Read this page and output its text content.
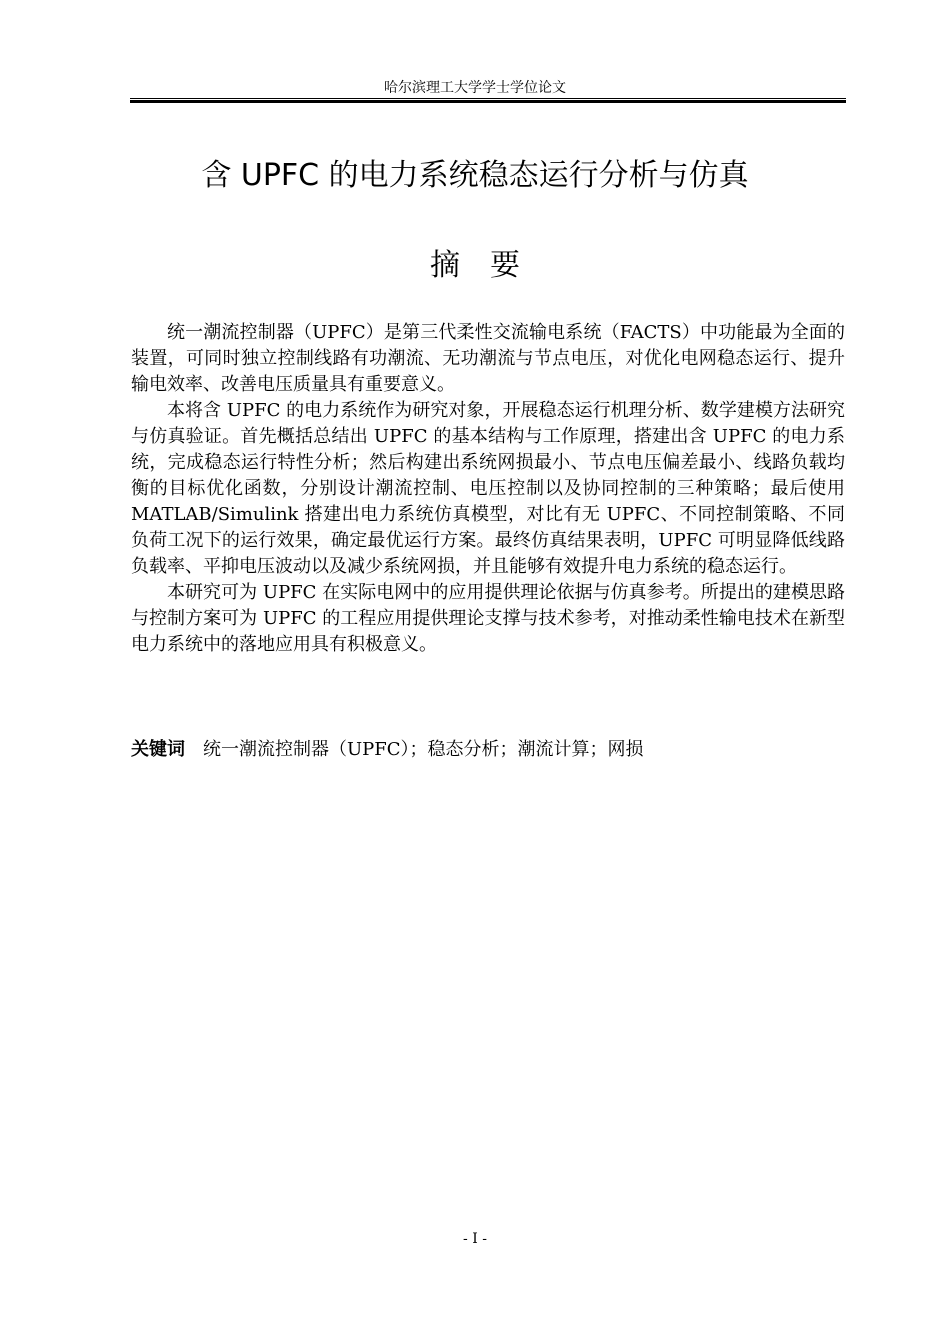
哈尔滨理工大学学士学位论文
含 UPFC 的电力系统稳态运行分析与仿真
摘要

统一潮流控制器（UPFC）是第三代柔性交流输电系统（FACTS）中功能最为全面的装置，可同时独立控制线路有功潮流、无功潮流与节点电压，对优化电网稳态运行、提升输电效率、改善电压质量具有重要意义。

本将含 UPFC 的电力系统作为研究对象，开展稳态运行机理分析、数学建模方法研究与仿真验证。首先概括总结出 UPFC 的基本结构与工作原理，搭建出含 UPFC 的电力系统，完成稳态运行特性分析；然后构建出系统网损最小、节点电压偏差最小、线路负载均衡的目标优化函数，分别设计潮流控制、电压控制以及协同控制的三种策略；最后使用 MATLAB/Simulink 搭建出电力系统仿真模型，对比有无 UPFC、不同控制策略、不同负荷工况下的运行效果，确定最优运行方案。最终仿真结果表明，UPFC 可明显降低线路负载率、平抑电压波动以及减少系统网损，并且能够有效提升电力系统的稳态运行。

本研究可为 UPFC 在实际电网中的应用提供理论依据与仿真参考。所提出的建模思路与控制方案可为 UPFC 的工程应用提供理论支撑与技术参考，对推动柔性输电技术在新型电力系统中的落地应用具有积极意义。

关键词 统一潮流控制器（UPFC）；稳态分析；潮流计算；网损
- I -
